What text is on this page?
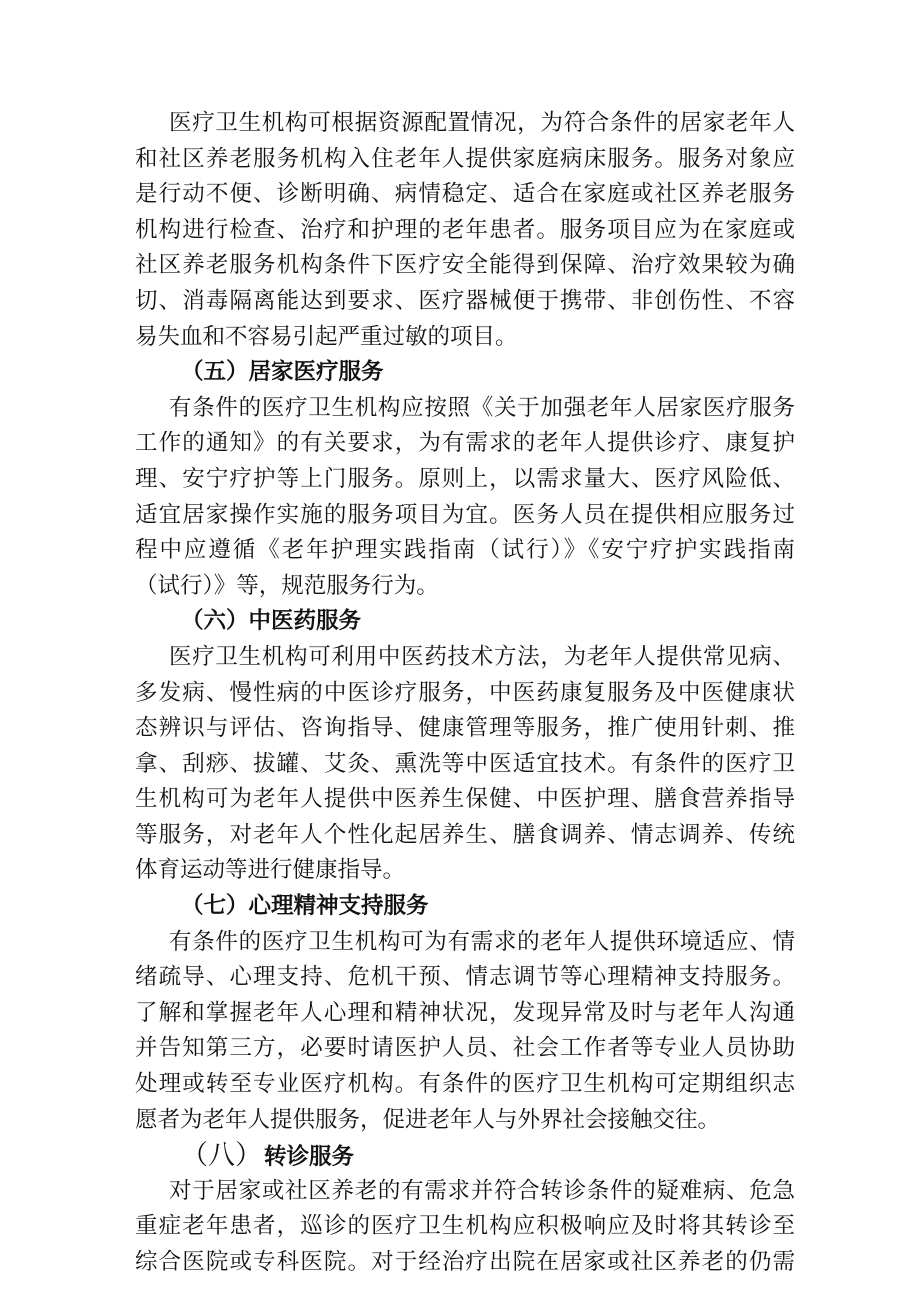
医疗卫生机构可根据资源配置情况，为符合条件的居家老年人
和社区养老服务机构入住老年人提供家庭病床服务。服务对象应
是行动不便、诊断明确、病情稳定、适合在家庭或社区养老服务
机构进行检查、治疗和护理的老年患者。服务项目应为在家庭或
社区养老服务机构条件下医疗安全能得到保障、治疗效果较为确
切、消毒隔离能达到要求、医疗器械便于携带、非创伤性、不容
易失血和不容易引起严重过敏的项目。
（五）居家医疗服务
有条件的医疗卫生机构应按照《关于加强老年人居家医疗服务
工作的通知》的有关要求，为有需求的老年人提供诊疗、康复护
理、安宁疗护等上门服务。原则上，以需求量大、医疗风险低、
适宜居家操作实施的服务项目为宜。医务人员在提供相应服务过
程中应遵循《老年护理实践指南（试行）》《安宁疗护实践指南
（试行）》等，规范服务行为。
（六）中医药服务
医疗卫生机构可利用中医药技术方法，为老年人提供常见病、
多发病、慢性病的中医诊疗服务，中医药康复服务及中医健康状
态辨识与评估、咨询指导、健康管理等服务，推广使用针刺、推
拿、刮痧、拔罐、艾灸、熏洗等中医适宜技术。有条件的医疗卫
生机构可为老年人提供中医养生保健、中医护理、膳食营养指导
等服务，对老年人个性化起居养生、膳食调养、情志调养、传统
体育运动等进行健康指导。
（七）心理精神支持服务
有条件的医疗卫生机构可为有需求的老年人提供环境适应、情
绪疏导、心理支持、危机干预、情志调节等心理精神支持服务。
了解和掌握老年人心理和精神状况，发现异常及时与老年人沟通
并告知第三方，必要时请医护人员、社会工作者等专业人员协助
处理或转至专业医疗机构。有条件的医疗卫生机构可定期组织志
愿者为老年人提供服务，促进老年人与外界社会接触交往。
（八）转诊服务
对于居家或社区养老的有需求并符合转诊条件的疑难病、危急
重症老年患者，巡诊的医疗卫生机构应积极响应及时将其转诊至
综合医院或专科医院。对于经治疗出院在居家或社区养老的仍需
